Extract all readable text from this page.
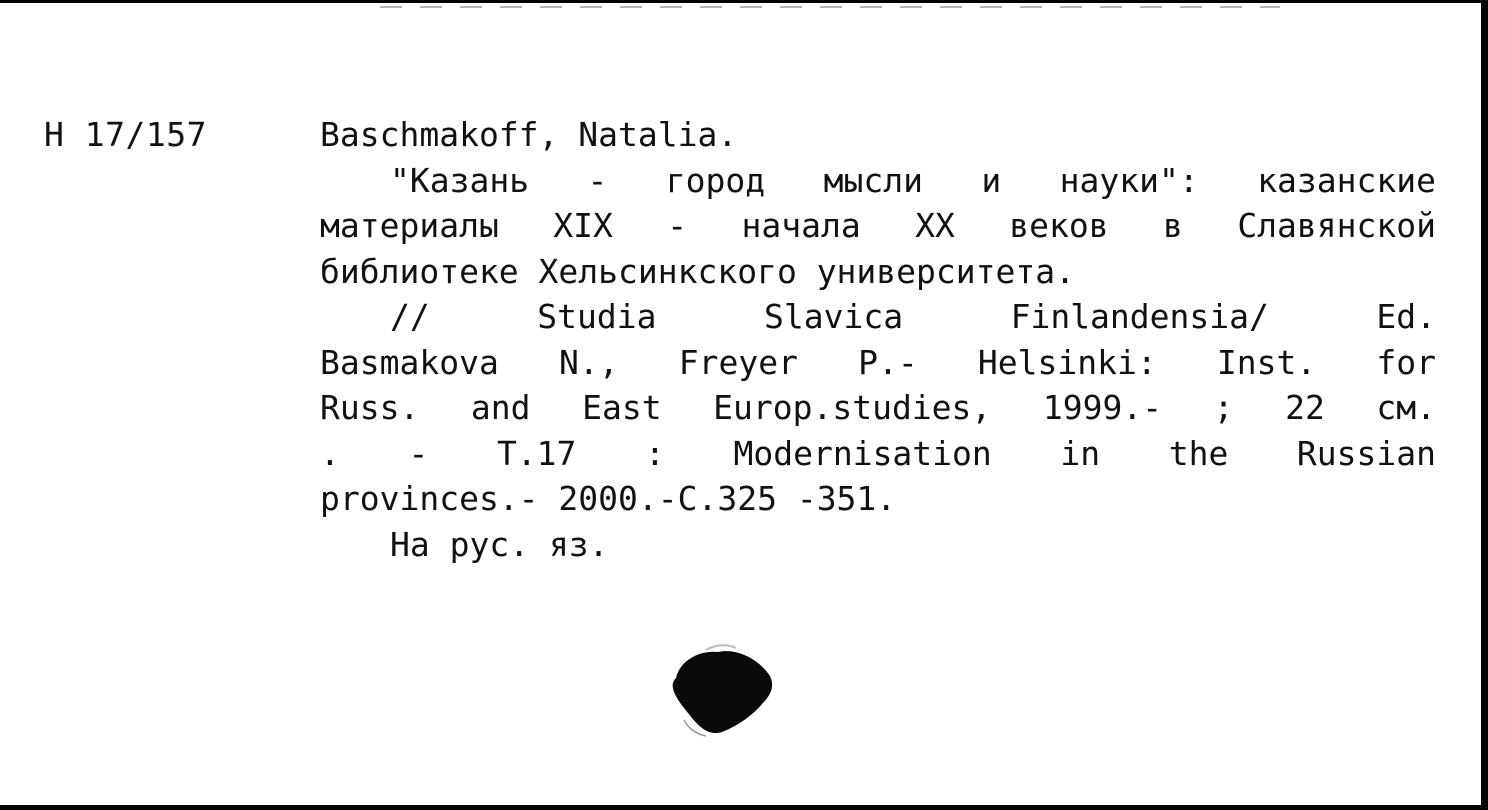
H 17/157	Baschmakoff, Natalia.
"Казань - город мысли и науки": казанские
материалы XIX - начала XX веков в Славянской
библиотеке Хельсинкского университета.
// Studia Slavica Finlandensia/ Ed.
Basmakova N., Freyer P.- Helsinki: Inst. for
Russ. and East Europ.studies, 1999.- ; 22 см.
. - Т.17 : Modernisation in the Russian
provinces.- 2000.-С.325 -351.
На рус. яз.
